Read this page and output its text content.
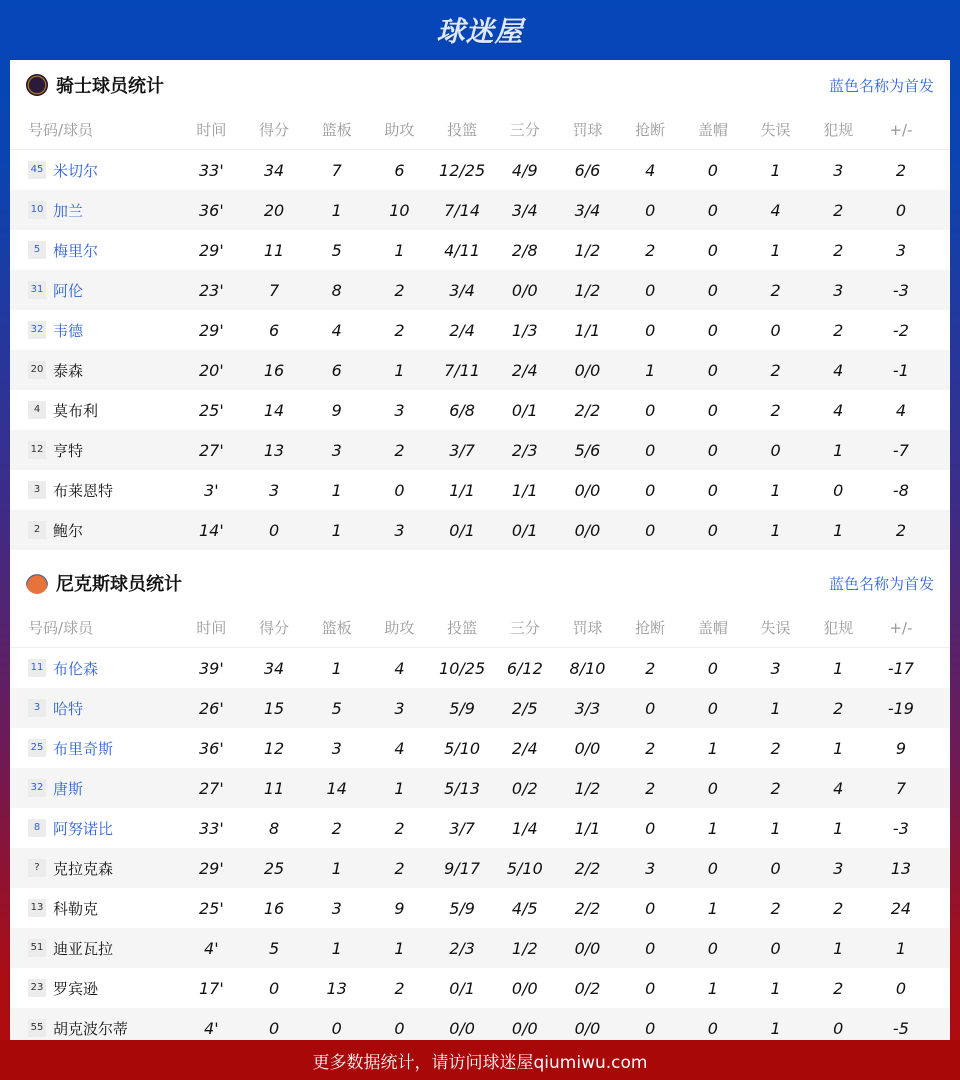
球迷屋
骑士球员统计	蓝色名称为首发
号码/球员	时间	得分	篮板	助攻	投篮	三分	罚球	抢断	盖帽	失误	犯规	+/-
45 米切尔	33'	34	7	6	12/25	4/9	6/6	4	0	1	3	2
10 加兰	36'	20	1	10	7/14	3/4	3/4	0	0	4	2	0
5 梅里尔	29'	11	5	1	4/11	2/8	1/2	2	0	1	2	3
31 阿伦	23'	7	8	2	3/4	0/0	1/2	0	0	2	3	-3
32 韦德	29'	6	4	2	2/4	1/3	1/1	0	0	0	2	-2
20 泰森	20'	16	6	1	7/11	2/4	0/0	1	0	2	4	-1
4 莫布利	25'	14	9	3	6/8	0/1	2/2	0	0	2	4	4
12 亨特	27'	13	3	2	3/7	2/3	5/6	0	0	0	1	-7
3 布莱恩特	3'	3	1	0	1/1	1/1	0/0	0	0	1	0	-8
2 鲍尔	14'	0	1	3	0/1	0/1	0/0	0	0	1	1	2
尼克斯球员统计	蓝色名称为首发
号码/球员	时间	得分	篮板	助攻	投篮	三分	罚球	抢断	盖帽	失误	犯规	+/-
11 布伦森	39'	34	1	4	10/25	6/12	8/10	2	0	3	1	-17
3 哈特	26'	15	5	3	5/9	2/5	3/3	0	0	1	2	-19
25 布里奇斯	36'	12	3	4	5/10	2/4	0/0	2	1	2	1	9
32 唐斯	27'	11	14	1	5/13	0/2	1/2	2	0	2	4	7
8 阿努诺比	33'	8	2	2	3/7	1/4	1/1	0	1	1	1	-3
? 克拉克森	29'	25	1	2	9/17	5/10	2/2	3	0	0	3	13
13 科勒克	25'	16	3	9	5/9	4/5	2/2	0	1	2	2	24
51 迪亚瓦拉	4'	5	1	1	2/3	1/2	0/0	0	0	0	1	1
23 罗宾逊	17'	0	13	2	0/1	0/0	0/2	0	1	1	2	0
55 胡克波尔蒂	4'	0	0	0	0/0	0/0	0/0	0	0	1	0	-5
更多数据统计，请访问球迷屋qiumiwu.com
